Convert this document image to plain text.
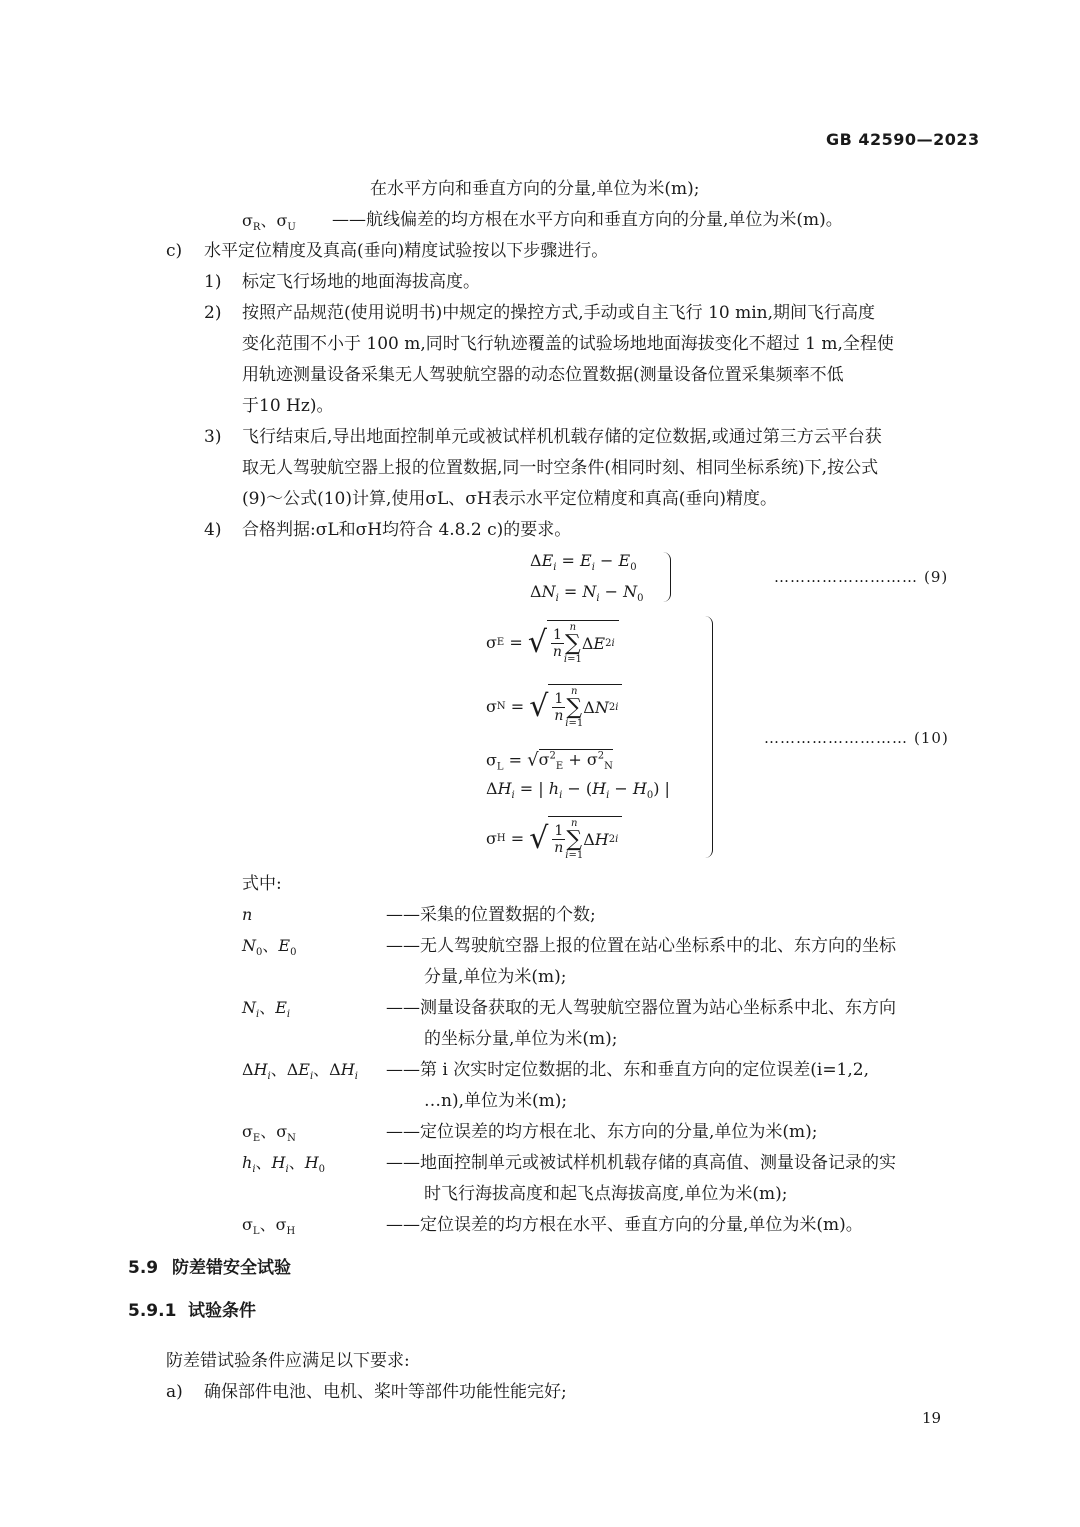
GB 42590—2023
在水平方向和垂直方向的分量,单位为米(m);
$\sigma_R$、$\sigma_U$ ——航线偏差的均方根在水平方向和垂直方向的分量,单位为米(m)。
c) 水平定位精度及真高(垂向)精度试验按以下步骤进行。
1) 标定飞行场地的地面海拔高度。
2) 按照产品规范(使用说明书)中规定的操控方式,手动或自主飞行 10 min,期间飞行高度
变化范围不小于 100 m,同时飞行轨迹覆盖的试验场地地面海拔变化不超过 1 m,全程使
用轨迹测量设备采集无人驾驶航空器的动态位置数据(测量设备位置采集频率不低
于10 Hz)。
3) 飞行结束后,导出地面控制单元或被试样机机载存储的定位数据,或通过第三方云平台获
取无人驾驶航空器上报的位置数据,同一时空条件(相同时刻、相同坐标系统)下,按公式
(9)～公式(10)计算,使用σL、σH表示水平定位精度和真高(垂向)精度。
4) 合格判据:σL和σH均符合 4.8.2 c)的要求。
$\Delta E_i = E_i - E_0$
$\Delta N_i = N_i - N_0$
……………………… (9)
σ E = √ $\frac{1}{n}$ n
∑
i=1
Δ E 2 i
σ N = √ $\frac{1}{n}$ n
∑
i=1
Δ N 2 i
$\sigma_L = √\sigma^2_E + \sigma^2_N$
$\Delta H_i$ = | $h_i - (H_i - H_0)$ |
σ H = √ $\frac{1}{n}$ n
∑
i=1
Δ H 2 i
……………………… (10)
式中:
n	——采集的位置数据的个数;
$N_0$、$E_0$	——无人驾驶航空器上报的位置在站心坐标系中的北、东方向的坐标
分量,单位为米(m);
$N_i$、$E_i$	——测量设备获取的无人驾驶航空器位置为站心坐标系中北、东方向
的坐标分量,单位为米(m);
$\Delta H_i$、$\Delta E_i$、$\Delta H_i$ ——第 i 次实时定位数据的北、东和垂直方向的定位误差(i=1,2,
…n),单位为米(m);
$\sigma_E$、$\sigma_N$	——定位误差的均方根在北、东方向的分量,单位为米(m);
$h_i$、$H_i$、$H_0$	——地面控制单元或被试样机机载存储的真高值、测量设备记录的实
时飞行海拔高度和起飞点海拔高度,单位为米(m);
$\sigma_L$、$\sigma_H$	——定位误差的均方根在水平、垂直方向的分量,单位为米(m)。
5.9 防差错安全试验
5.9.1 试验条件
防差错试验条件应满足以下要求:
a) 确保部件电池、电机、桨叶等部件功能性能完好;
19
